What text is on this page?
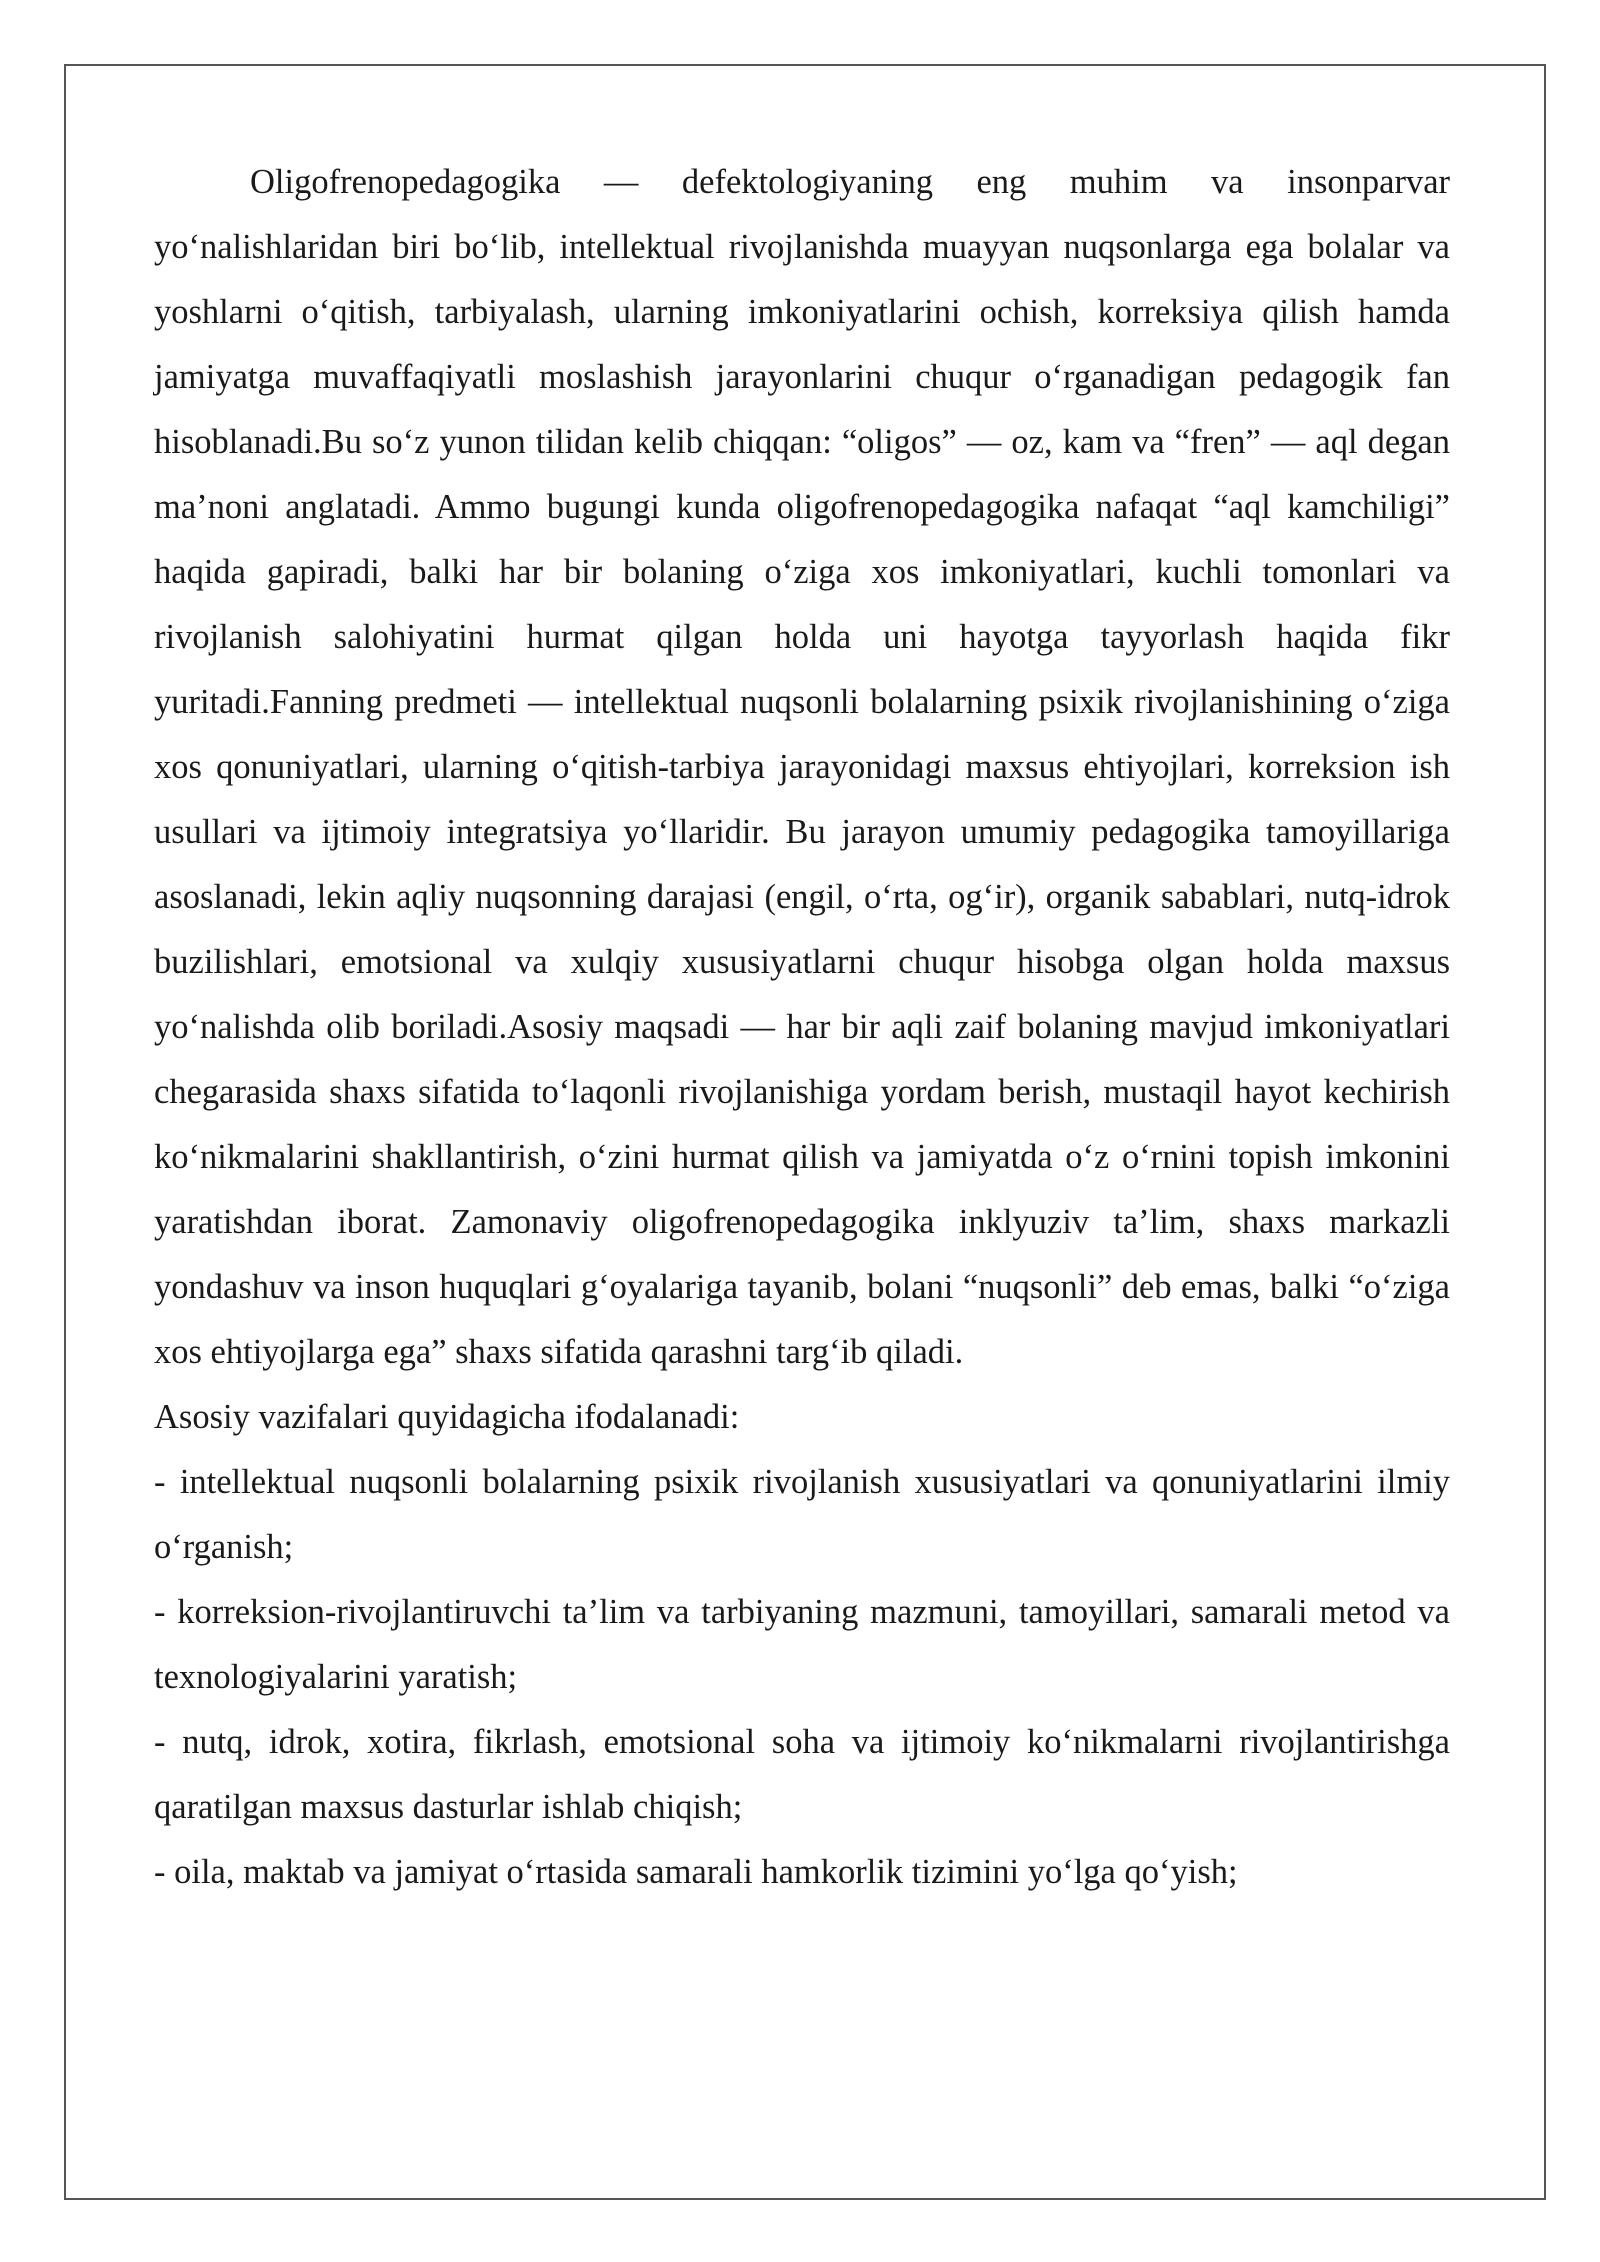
Oligofrenopedagogika — defektologiyaning eng muhim va insonparvar yo‘nalishlaridan biri bo‘lib, intellektual rivojlanishda muayyan nuqsonlarga ega bolalar va yoshlarni o‘qitish, tarbiyalash, ularning imkoniyatlarini ochish, korreksiya qilish hamda jamiyatga muvaffaqiyatli moslashish jarayonlarini chuqur o‘rganadigan pedagogik fan hisoblanadi.Bu so‘z yunon tilidan kelib chiqqan: “oligos” — oz, kam va “fren” — aql degan ma’noni anglatadi. Ammo bugungi kunda oligofrenopedagogika nafaqat “aql kamchiligi” haqida gapiradi, balki har bir bolaning o‘ziga xos imkoniyatlari, kuchli tomonlari va rivojlanish salohiyatini hurmat qilgan holda uni hayotga tayyorlash haqida fikr yuritadi.Fanning predmeti — intellektual nuqsonli bolalarning psixik rivojlanishining o‘ziga xos qonuniyatlari, ularning o‘qitish-tarbiya jarayonidagi maxsus ehtiyojlari, korreksion ish usullari va ijtimoiy integratsiya yo‘llaridir. Bu jarayon umumiy pedagogika tamoyillariga asoslanadi, lekin aqliy nuqsonning darajasi (engil, o‘rta, og‘ir), organik sabablari, nutq-idrok buzilishlari, emotsional va xulqiy xususiyatlarni chuqur hisobga olgan holda maxsus yo‘nalishda olib boriladi.Asosiy maqsadi — har bir aqli zaif bolaning mavjud imkoniyatlari chegarasida shaxs sifatida to‘laqonli rivojlanishiga yordam berish, mustaqil hayot kechirish ko‘nikmalarini shakllantirish, o‘zini hurmat qilish va jamiyatda o‘z o‘rnini topish imkonini yaratishdan iborat. Zamonaviy oligofrenopedagogika inklyuziv ta’lim, shaxs markazli yondashuv va inson huquqlari g‘oyalariga tayanib, bolani “nuqsonli” deb emas, balki “o‘ziga xos ehtiyojlarga ega” shaxs sifatida qarashni targ‘ib qiladi.

Asosiy vazifalari quyidagicha ifodalanadi:

- intellektual nuqsonli bolalarning psixik rivojlanish xususiyatlari va qonuniyatlarini ilmiy o‘rganish;

- korreksion-rivojlantiruvchi ta’lim va tarbiyaning mazmuni, tamoyillari, samarali metod va texnologiyalarini yaratish;

- nutq, idrok, xotira, fikrlash, emotsional soha va ijtimoiy ko‘nikmalarni rivojlantirishga qaratilgan maxsus dasturlar ishlab chiqish;

- oila, maktab va jamiyat o‘rtasida samarali hamkorlik tizimini yo‘lga qo‘yish;
